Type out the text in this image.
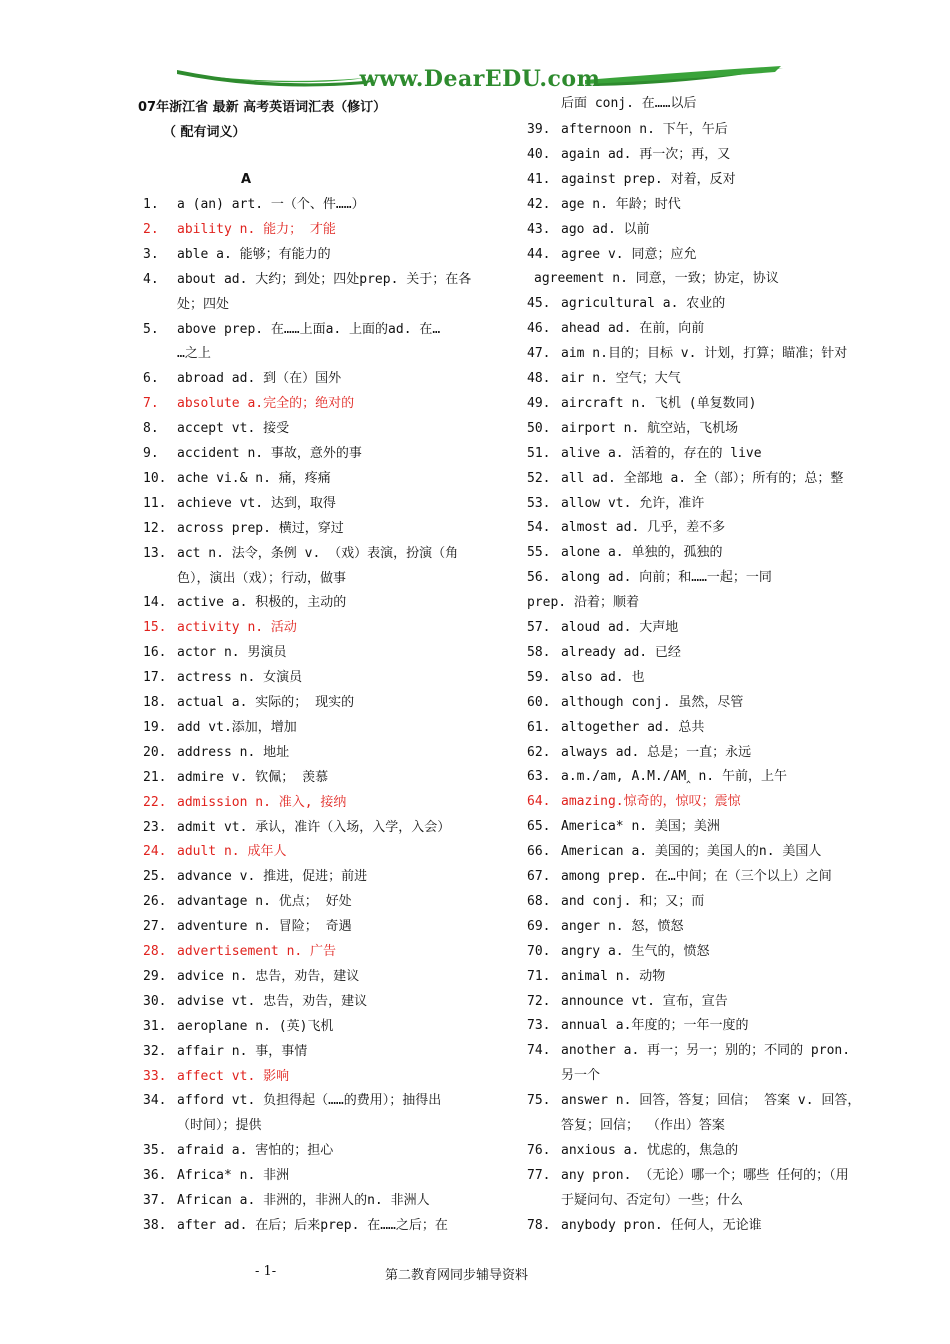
www.DearEDU.com
07年浙江省 最新 高考英语词汇表（修订）
（ 配有词义）
A
后面 conj. 在……以后
1. a (an) art. 一（个、件……）
2. ability n. 能力； 才能
3. able a. 能够；有能力的
4. about ad. 大约；到处；四处prep. 关于；在各
处；四处
5. above prep. 在……上面a. 上面的ad. 在…
…之上
6. abroad ad. 到（在）国外
7. absolute a.完全的；绝对的
8. accept vt. 接受
9. accident n. 事故，意外的事
10. ache vi.& n. 痛，疼痛
11. achieve vt. 达到，取得
12. across prep. 横过，穿过
13. act n. 法令，条例 v. （戏）表演，扮演（角
色），演出（戏）；行动，做事
14. active a. 积极的，主动的
15. activity n. 活动
16. actor n. 男演员
17. actress n. 女演员
18. actual a. 实际的； 现实的
19. add vt.添加，增加
20. address n. 地址
21. admire v. 钦佩； 羡慕
22. admission n. 准入, 接纳
23. admit vt. 承认，准许（入场，入学，入会）
24. adult n. 成年人
25. advance v. 推进，促进；前进
26. advantage n. 优点； 好处
27. adventure n. 冒险； 奇遇
28. advertisement n. 广告
29. advice n. 忠告，劝告，建议
30. advise vt. 忠告，劝告，建议
31. aeroplane n. (英)飞机
32. affair n. 事，事情
33. affect vt. 影响
34. afford vt. 负担得起（……的费用）；抽得出
（时间）；提供
35. afraid a. 害怕的；担心
36. Africa* n. 非洲
37. African a. 非洲的，非洲人的n. 非洲人
38. after ad. 在后；后来prep. 在……之后；在
39. afternoon n. 下午，午后
40. again ad. 再一次；再，又
41. against prep. 对着，反对
42. age n. 年龄；时代
43. ago ad. 以前
44. agree v. 同意；应允
agreement n. 同意，一致；协定，协议
45. agricultural a. 农业的
46. ahead ad. 在前，向前
47. aim n.目的；目标 v. 计划，打算；瞄准；针对
48. air n. 空气；大气
49. aircraft n. 飞机 (单复数同)
50. airport n. 航空站，飞机场
51. alive a. 活着的，存在的 live
52. all ad. 全部地 a. 全（部）；所有的；总；整
53. allow vt. 允许，准许
54. almost ad. 几乎，差不多
55. alone a. 单独的，孤独的
56. along ad. 向前；和……一起；一同
prep. 沿着；顺着
57. aloud ad. 大声地
58. already ad. 已经
59. also ad. 也
60. although conj. 虽然，尽管
61. altogether ad. 总共
62. always ad. 总是；一直；永远
63. a.m./am, A.M./AM‸ n. 午前，上午
64. amazing.惊奇的，惊叹；震惊
65. America* n. 美国；美洲
66. American a. 美国的；美国人的n. 美国人
67. among prep. 在…中间；在（三个以上）之间
68. and conj. 和；又；而
69. anger n. 怒，愤怒
70. angry a. 生气的，愤怒
71. animal n. 动物
72. announce vt. 宣布，宣告
73. annual a.年度的；一年一度的
74. another a. 再一；另一；别的；不同的 pron.
另一个
75. answer n. 回答，答复；回信； 答案 v. 回答，
答复；回信； （作出）答案
76. anxious a. 忧虑的，焦急的
77. any pron. （无论）哪一个；哪些 任何的；（用
于疑问句、否定句）一些；什么
78. anybody pron. 任何人，无论谁
- 1-	第二教育网同步辅导资料
